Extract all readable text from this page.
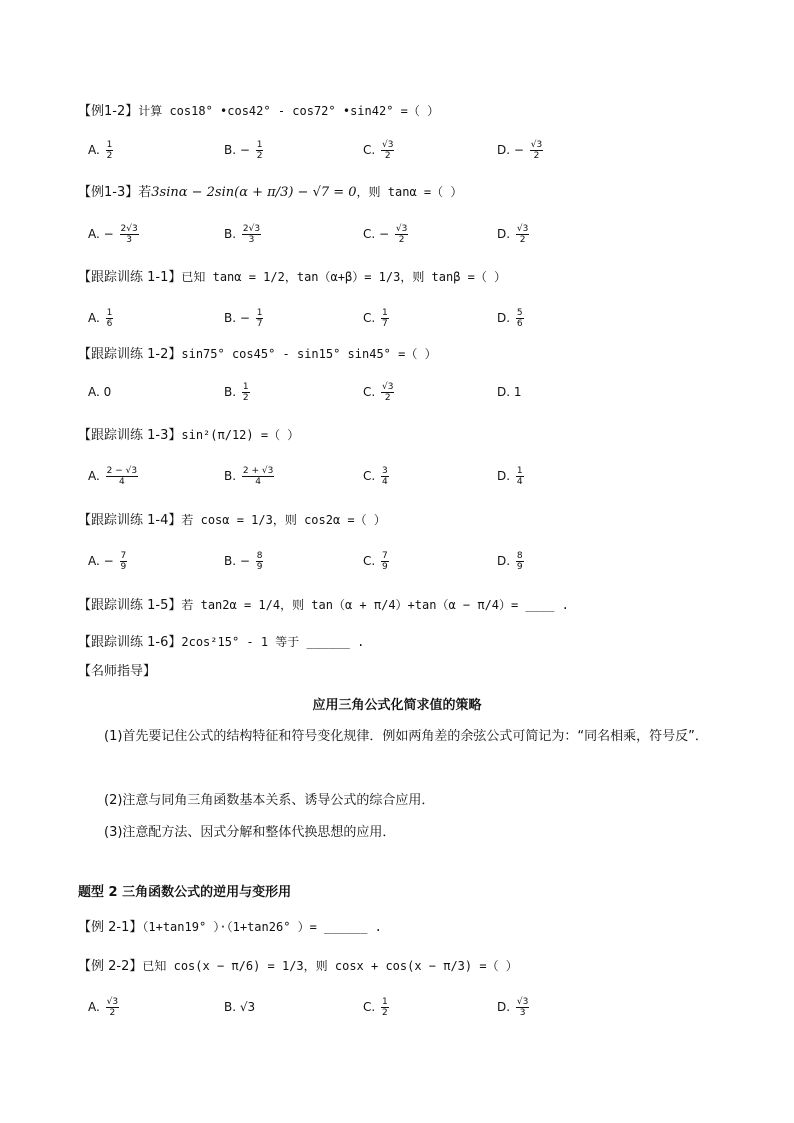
【例1-2】计算 cos18° •cos42° - cos72° •sin42° =（ ）
【例1-3】若3sinα − 2sin(α + π/3) − √7 = 0，则 tanα =（ ）
【跟踪训练 1-1】已知 tanα = 1/2，tan（α+β）= 1/3，则 tanβ =（ ）
【跟踪训练 1-2】sin75° cos45° - sin15° sin45° =（ ）
【跟踪训练 1-3】sin²(π/12) =（ ）
【跟踪训练 1-4】若 cosα = 1/3，则 cos2α =（ ）
【跟踪训练 1-5】若 tan2α = 1/4，则 tan（α + π/4）+tan（α − π/4）= ____ .
【跟踪训练 1-6】2cos²15° - 1 等于 ______ .
【名师指导】
应用三角公式化简求值的策略
(1)首先要记住公式的结构特征和符号变化规律．例如两角差的余弦公式可简记为：“同名相乘，符号反”．
(2)注意与同角三角函数基本关系、诱导公式的综合应用．
(3)注意配方法、因式分解和整体代换思想的应用．
题型 2 三角函数公式的逆用与变形用
【例 2-1】（1+tan19° ）·（1+tan26° ）= ______ .
【例 2-2】已知 cos(x − π/6) = 1/3，则 cosx + cos(x − π/3) =（ ）
A. $\frac{1}{2}$	B. − $\frac{1}{2}$	C. $\frac{√3}{2}$	D. − $\frac{√3}{2}$
A. − $\frac{2√3}{3}$	B. $\frac{2√3}{3}$	C. − $\frac{√3}{2}$	D. $\frac{√3}{2}$
A. $\frac{1}{6}$	B. − $\frac{1}{7}$	C. $\frac{1}{7}$	D. $\frac{5}{6}$
A. 0	B. $\frac{1}{2}$	C. $\frac{√3}{2}$	D. 1
A. $\frac{2 - √3}{4}$	B. $\frac{2 + √3}{4}$	C. $\frac{3}{4}$	D. $\frac{1}{4}$
A. − $\frac{7}{9}$	B. − $\frac{8}{9}$	C. $\frac{7}{9}$	D. $\frac{8}{9}$
A. $\frac{√3}{2}$	B. √3	C. $\frac{1}{2}$	D. $\frac{√3}{3}$
